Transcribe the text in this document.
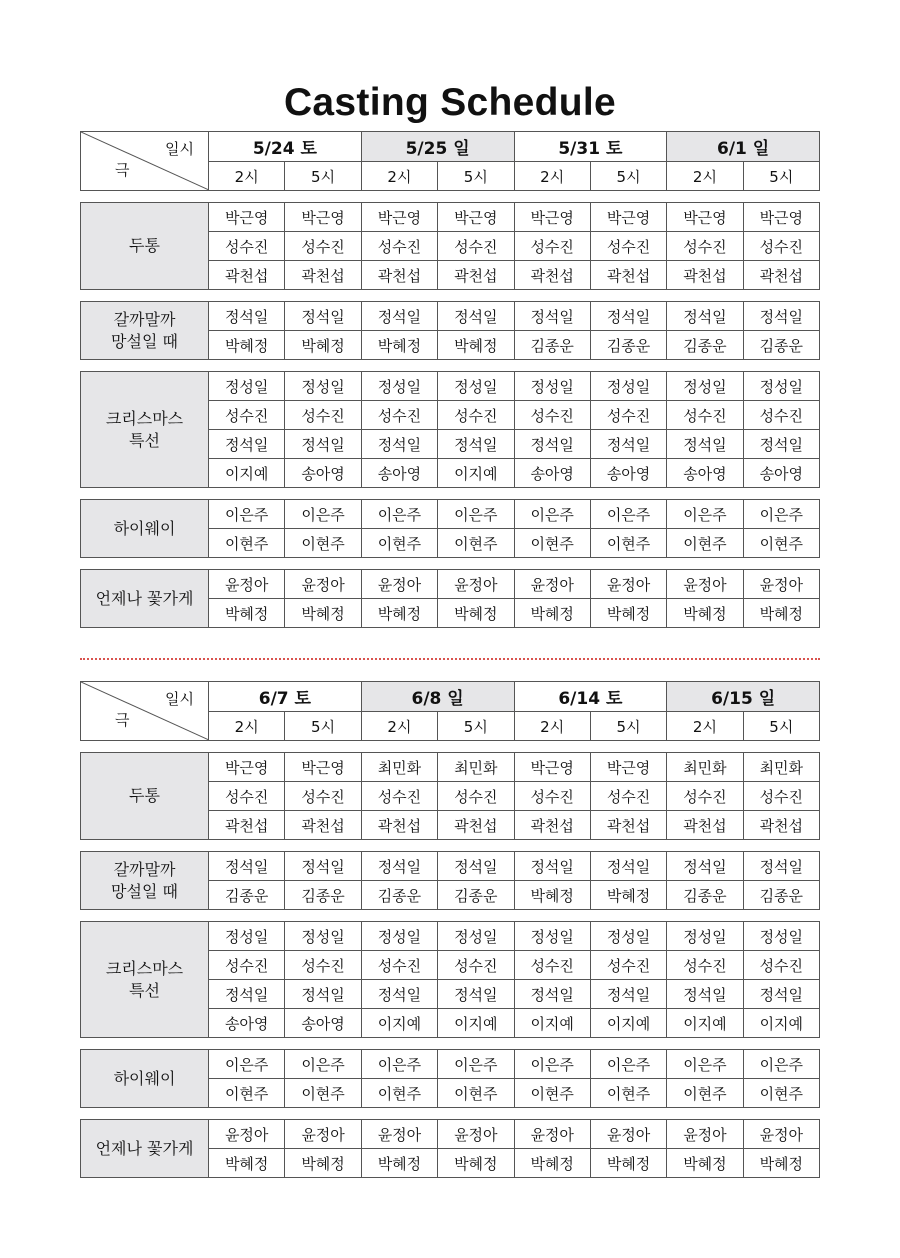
Casting Schedule
일시
극	5/24 토		5/25 일		5/31 토		6/1 일	
	2시	5시	2시	5시	2시	5시	2시	5시
두통	박근영	박근영	박근영	박근영	박근영	박근영	박근영	박근영
	성수진	성수진	성수진	성수진	성수진	성수진	성수진	성수진
	곽천섭	곽천섭	곽천섭	곽천섭	곽천섭	곽천섭	곽천섭	곽천섭
갈까말까
망설일 때	정석일	정석일	정석일	정석일	정석일	정석일	정석일	정석일
	박혜정	박혜정	박혜정	박혜정	김종운	김종운	김종운	김종운
크리스마스
특선	정성일	정성일	정성일	정성일	정성일	정성일	정성일	정성일
	성수진	성수진	성수진	성수진	성수진	성수진	성수진	성수진
	정석일	정석일	정석일	정석일	정석일	정석일	정석일	정석일
	이지예	송아영	송아영	이지예	송아영	송아영	송아영	송아영
하이웨이	이은주	이은주	이은주	이은주	이은주	이은주	이은주	이은주
	이현주	이현주	이현주	이현주	이현주	이현주	이현주	이현주
언제나 꽃가게	윤정아	윤정아	윤정아	윤정아	윤정아	윤정아	윤정아	윤정아
	박혜정	박혜정	박혜정	박혜정	박혜정	박혜정	박혜정	박혜정
일시
극	6/7 토		6/8 일		6/14 토		6/15 일	
	2시	5시	2시	5시	2시	5시	2시	5시
두통	박근영	박근영	최민화	최민화	박근영	박근영	최민화	최민화
	성수진	성수진	성수진	성수진	성수진	성수진	성수진	성수진
	곽천섭	곽천섭	곽천섭	곽천섭	곽천섭	곽천섭	곽천섭	곽천섭
갈까말까
망설일 때	정석일	정석일	정석일	정석일	정석일	정석일	정석일	정석일
	김종운	김종운	김종운	김종운	박혜정	박혜정	김종운	김종운
크리스마스
특선	정성일	정성일	정성일	정성일	정성일	정성일	정성일	정성일
	성수진	성수진	성수진	성수진	성수진	성수진	성수진	성수진
	정석일	정석일	정석일	정석일	정석일	정석일	정석일	정석일
	송아영	송아영	이지예	이지예	이지예	이지예	이지예	이지예
하이웨이	이은주	이은주	이은주	이은주	이은주	이은주	이은주	이은주
	이현주	이현주	이현주	이현주	이현주	이현주	이현주	이현주
언제나 꽃가게	윤정아	윤정아	윤정아	윤정아	윤정아	윤정아	윤정아	윤정아
	박혜정	박혜정	박혜정	박혜정	박혜정	박혜정	박혜정	박혜정
